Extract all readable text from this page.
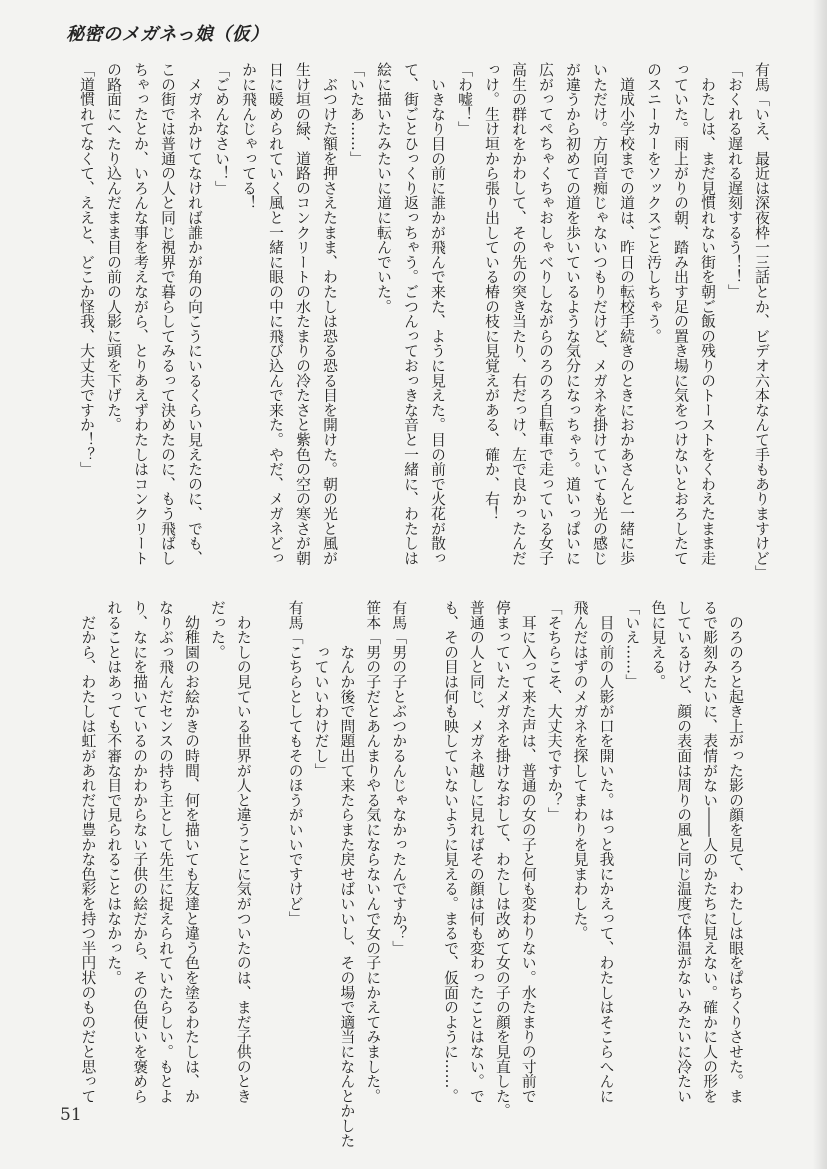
秘密のメガネっ娘（仮）
有馬「いえ、最近は深夜枠一三話とか、ビデオ六本なんて手もありますけど」
「おくれる遅れる遅刻するう！！」
　わたしは、まだ見慣れない街を朝ご飯の残りのトーストをくわえたまま走
っていた。雨上がりの朝、踏み出す足の置き場に気をつけないとおろしたて
のスニーカーをソックスごと汚しちゃう。
　道成小学校までの道は、昨日の転校手続きのときにおかあさんと一緒に歩
いただけ。方向音痴じゃないつもりだけど、メガネを掛けていても光の感じ
が違うから初めての道を歩いているような気分になっちゃう。道いっぱいに
広がってぺちゃくちゃおしゃべりしながらのろのろ自転車で走っている女子
高生の群れをかわして、その先の突き当たり、右だっけ、左で良かったんだ
っけ。生け垣から張り出している椿の枝に見覚えがある、確か、右！
「わ嘘！」
　いきなり目の前に誰かが飛んで来た、ように見えた。目の前で火花が散っ
て、街ごとひっくり返っちゃう。ごつんっておっきな音と一緒に、わたしは
絵に描いたみたいに道に転んでいた。
「いたあ……」
　ぶつけた額を押さえたまま、わたしは恐る恐る目を開けた。朝の光と風が
生け垣の緑、道路のコンクリートの水たまりの冷たさと紫色の空の寒さが朝
日に暖められていく風と一緒に眼の中に飛び込んで来た。やだ、メガネどっ
かに飛んじゃってる！
「ごめんなさい！」
　メガネかけてなければ誰かが角の向こうにいるくらい見えたのに、でも、
この街では普通の人と同じ視界で暮らしてみるって決めたのに、もう飛ばし
ちゃったとか、いろんな事を考えながら、とりあえずわたしはコンクリート
の路面にへたり込んだまま目の前の人影に頭を下げた。
「道慣れてなくて、ええと、どこか怪我、大丈夫ですか！？」
　のろのろと起き上がった影の顔を見て、わたしは眼をぱちくりさせた。ま
るで彫刻みたいに、表情がない――人のかたちに見えない。確かに人の形を
しているけど、顔の表面は周りの風と同じ温度で体温がないみたいに冷たい
色に見える。
「いえ……」
　目の前の人影が口を開いた。はっと我にかえって、わたしはそこらへんに
飛んだはずのメガネを探してまわりを見まわした。
「そちらこそ、大丈夫ですか？」
　耳に入って来た声は、普通の女の子と何も変わりない。水たまりの寸前で
停まっていたメガネを掛けなおして、わたしは改めて女の子の顔を見直した。
普通の人と同じ、メガネ越しに見ればその顔は何も変わったことはない。で
も、その目は何も映していないように見える。まるで、仮面のように……。
有馬「男の子とぶつかるんじゃなかったんですか？」
笹本「男の子だとあんまりやる気にならないんで女の子にかえてみました。
　　　なんか後で問題出て来たらまた戻せばいいし、その場で適当になんとかした
　　　っていいわけだし」
有馬「こちらとしてもそのほうがいいですけど」
　わたしの見ている世界が人と違うことに気がついたのは、まだ子供のとき
だった。
　幼稚園のお絵かきの時間、何を描いても友達と違う色を塗るわたしは、か
なりぶっ飛んだセンスの持ち主として先生に捉えられていたらしい。もとよ
り、なにを描いているのかわからない子供の絵だから、その色使いを褒めら
れることはあっても不審な目で見られることはなかった。
　だから、わたしは虹があれだけ豊かな色彩を持つ半円状のものだと思って
51
